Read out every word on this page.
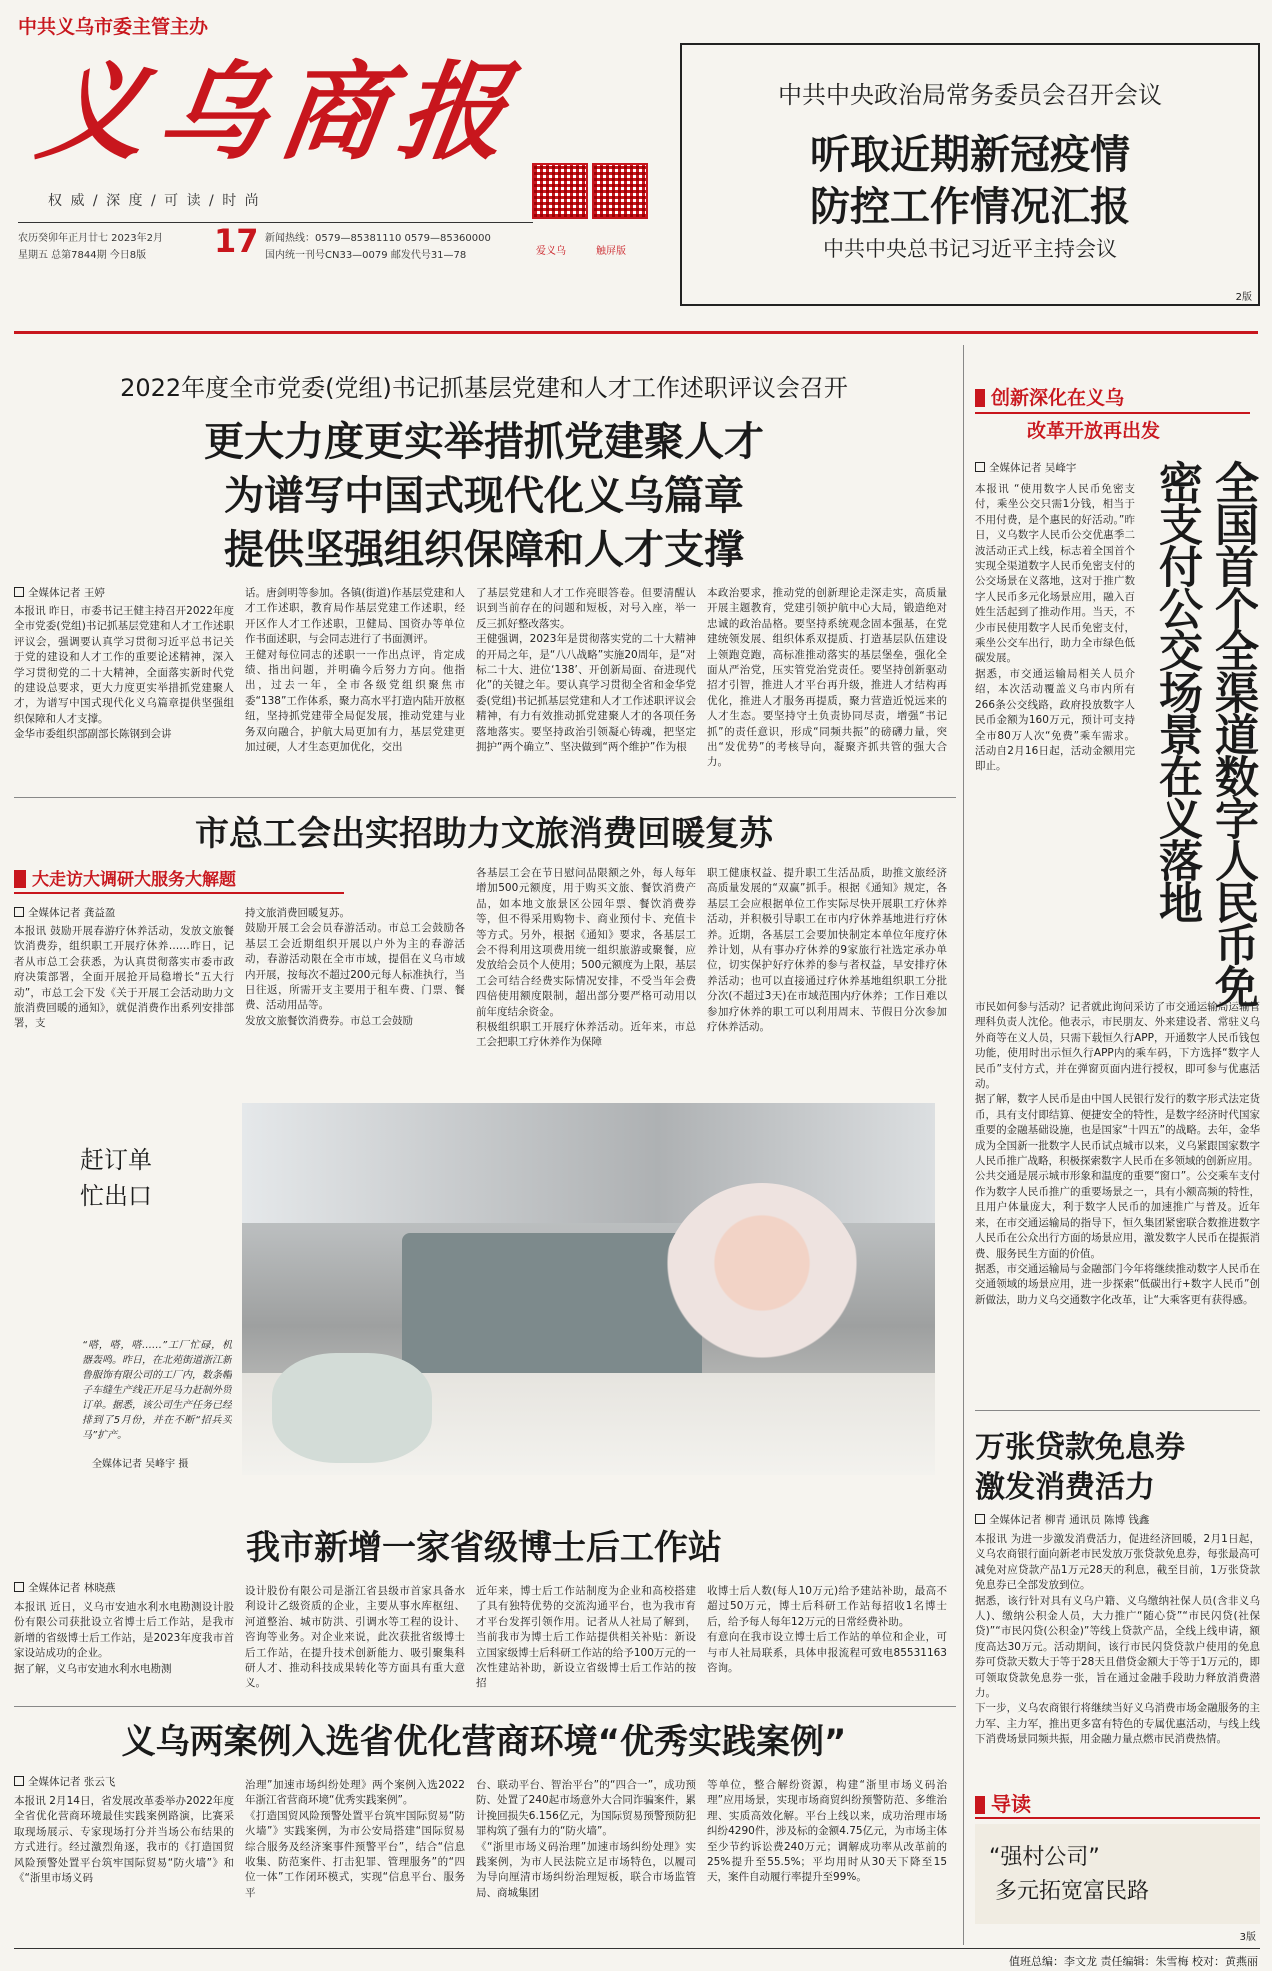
中共义乌市委主管主办
义乌商报
权 威 / 深 度 / 可 读 / 时 尚
农历癸卯年正月廿七 2023年2月
星期五 总第7844期 今日8版 17 新闻热线：0579—85381110 0579—85360000
国内统一刊号CN33—0079 邮发代号31—78	爱义乌	触屏版
中共中央政治局常务委员会召开会议
听取近期新冠疫情
防控工作情况汇报
中共中央总书记习近平主持会议
2版
2022年度全市党委(党组)书记抓基层党建和人才工作述职评议会召开
更大力度更实举措抓党建聚人才
为谱写中国式现代化义乌篇章
提供坚强组织保障和人才支撑
全媒体记者 王婷
本报讯 昨日，市委书记王健主持召开2022年度全市党委(党组)书记抓基层党建和人才工作述职评议会，强调要认真学习贯彻习近平总书记关于党的建设和人才工作的重要论述精神，深入学习贯彻党的二十大精神，全面落实新时代党的建设总要求，更大力度更实举措抓党建聚人才，为谱写中国式现代化义乌篇章提供坚强组织保障和人才支撑。
金华市委组织部副部长陈钢到会讲
话。唐剑明等参加。各镇(街道)作基层党建和人才工作述职，教育局作基层党建工作述职，经开区作人才工作述职，卫健局、国资办等单位作书面述职，与会同志进行了书面测评。
王健对每位同志的述职一一作出点评，肯定成绩、指出问题，并明确今后努力方向。他指出，过去一年，全市各级党组织聚焦市委“138”工作体系，聚力高水平打造内陆开放枢纽，坚持抓党建带全局促发展，推动党建与业务双向融合，护航大局更加有力，基层党建更加过硬，人才生态更加优化，交出
了基层党建和人才工作亮眼答卷。但要清醒认识到当前存在的问题和短板，对号入座，举一反三抓好整改落实。
王健强调，2023年是贯彻落实党的二十大精神的开局之年，是“八八战略”实施20周年，是“对标二十大、进位‘138’、开创新局面、奋进现代化”的关键之年。要认真学习贯彻全省和金华党委(党组)书记抓基层党建和人才工作述职评议会精神，有力有效推动抓党建聚人才的各项任务落地落实。要坚持政治引领凝心铸魂，把坚定拥护“两个确立”、坚决做到“两个维护”作为根
本政治要求，推动党的创新理论走深走实，高质量开展主题教育，党建引领护航中心大局，锻造绝对忠诚的政治品格。要坚持系统观念固本强基，在党建统领发展、组织体系双提质、打造基层队伍建设上领跑竞跑，高标准推动落实的基层堡垒，强化全面从严治党，压实管党治党责任。要坚持创新驱动招才引智，推进人才平台再升级，推进人才结构再优化，推进人才服务再提质，聚力营造近悦远来的人才生态。要坚持守土负责协同尽责，增强“书记抓”的责任意识，形成“同频共振”的磅礴力量，突出“发优势”的考核导向，凝聚齐抓共管的强大合力。
市总工会出实招助力文旅消费回暖复苏
大走访大调研大服务大解题
全媒体记者 龚益盈
本报讯 鼓励开展春游疗休养活动，发放文旅餐饮消费券，组织职工开展疗休养……昨日，记者从市总工会获悉，为认真贯彻落实市委市政府决策部署，全面开展抢开局稳增长“五大行动”，市总工会下发《关于开展工会活动助力文旅消费回暖的通知》，就促消费作出系列安排部署，支
持文旅消费回暖复苏。
鼓励开展工会会员春游活动。市总工会鼓励各基层工会近期组织开展以户外为主的春游活动，春游活动限在全市市域，提倡在义乌市域内开展，按每次不超过200元每人标准执行，当日往返，所需开支主要用于租车费、门票、餐费、活动用品等。
发放文旅餐饮消费券。市总工会鼓励
各基层工会在节日慰问品限额之外，每人每年增加500元额度，用于购买文旅、餐饮消费产品，如本地文旅景区公园年票、餐饮消费券等，但不得采用购物卡、商业预付卡、充值卡等方式。另外，根据《通知》要求，各基层工会不得利用这项费用统一组织旅游或聚餐，应发放给会员个人使用；500元额度为上限，基层工会可结合经费实际情况安排，不受当年会费四倍使用额度限制，超出部分要严格可动用以前年度结余资金。
积极组织职工开展疗休养活动。近年来，市总工会把职工疗休养作为保障
职工健康权益、提升职工生活品质，助推文旅经济高质量发展的“双赢”抓手。根据《通知》规定，各基层工会应根据单位工作实际尽快开展职工疗休养活动，并积极引导职工在市内疗休养基地进行疗休养。近期，各基层工会要加快制定本单位年度疗休养计划，从有事办疗休养的9家旅行社选定承办单位，切实保护好疗休养的参与者权益，早安排疗休养活动；也可以直接通过疗休养基地组织职工分批分次(不超过3天)在市域范围内疗休养；工作日难以参加疗休养的职工可以利用周末、节假日分次参加疗休养活动。
赶订单
忙出口
“嗒，嗒，嗒……”工厂忙碌，机器轰鸣。昨日，在北苑街道浙江新鲁服饰有限公司的工厂内，数条帽子车缝生产线正开足马力赶制外贸订单。据悉，该公司生产任务已经排到了5月份，并在不断“招兵买马”扩产。
全媒体记者 吴峰宇 摄
我市新增一家省级博士后工作站
全媒体记者 林晓燕
本报讯 近日，义乌市安迪水利水电勘测设计股份有限公司获批设立省博士后工作站，是我市新增的省级博士后工作站，是2023年度我市首家设站成功的企业。
据了解，义乌市安迪水利水电勘测
设计股份有限公司是浙江省县级市首家具备水利设计乙级资质的企业，主要从事水库枢纽、河道整治、城市防洪、引调水等工程的设计、咨询等业务。对企业来说，此次获批省级博士后工作站，在提升技术创新能力、吸引聚集科研人才、推动科技成果转化等方面具有重大意义。
近年来，博士后工作站制度为企业和高校搭建了具有独特优势的交流沟通平台，也为我市育才平台发挥引领作用。记者从人社局了解到，当前我市为博士后工作站提供相关补贴：新设立国家级博士后科研工作站的给予100万元的一次性建站补助，新设立省级博士后工作站的按招
收博士后人数(每人10万元)给予建站补助，最高不超过50万元，博士后科研工作站每招收1名博士后，给予每人每年12万元的日常经费补助。
有意向在我市设立博士后工作站的单位和企业，可与市人社局联系，具体申报流程可致电85531163咨询。
义乌两案例入选省优化营商环境“优秀实践案例”
全媒体记者 张云飞
本报讯 2月14日，省发展改革委举办2022年度全省优化营商环境最佳实践案例路演，比赛采取现场展示、专家现场打分并当场公布结果的方式进行。经过激烈角逐，我市的《打造国贸风险预警处置平台筑牢国际贸易“防火墙”》和《“浙里市场义码
治理”加速市场纠纷处理》两个案例入选2022年浙江省营商环境“优秀实践案例”。
《打造国贸风险预警处置平台筑牢国际贸易“防火墙”》实践案例，为市公安局搭建“国际贸易综合服务及经济案事件预警平台”，结合“信息收集、防范案件、打击犯罪、管理服务”的“四位一体”工作闭环模式，实现“信息平台、服务平
台、联动平台、智治平台”的“四合一”，成功预防、处置了240起市场意外大合同诈骗案件，累计挽回损失6.156亿元，为国际贸易预警预防犯罪构筑了强有力的“防火墙”。
《“浙里市场义码治理”加速市场纠纷处理》实践案例，为市人民法院立足市场特色，以履司为导向厘清市场纠纷治理短板，联合市场监管局、商城集团
等单位，整合解纷资源，构建“浙里市场义码治理”应用场景，实现市场商贸纠纷预警防范、多维治理、实质高效化解。平台上线以来，成功治理市场纠纷4290件，涉及标的金额4.75亿元，为市场主体至少节约诉讼费240万元；调解成功率从改革前的25%提升至55.5%；平均用时从30天下降至15天，案件自动履行率提升至99%。
创新深化在义乌
改革开放再出发
全媒体记者 吴峰宇	全国首个全渠道数字人民币免密支付公交场景在义落地
本报讯 “使用数字人民币免密支付，乘坐公交只需1分钱，相当于不用付费，是个惠民的好活动。”昨日，义乌数字人民币公交优惠季二波活动正式上线，标志着全国首个实现全渠道数字人民币免密支付的公交场景在义落地，这对于推广数字人民币多元化场景应用，融入百姓生活起到了推动作用。当天，不少市民使用数字人民币免密支付，乘坐公交车出行，助力全市绿色低碳发展。
据悉，市交通运输局相关人员介绍，本次活动覆盖义乌市内所有266条公交线路，政府投放数字人民币金额为160万元，预计可支持全市80万人次“免费”乘车需求。活动自2月16日起，活动金额用完即止。
市民如何参与活动？记者就此询问采访了市交通运输局运输管理科负责人沈伦。他表示，市民朋友、外来建设者、常驻义乌外商等在义人员，只需下载恒久行APP，开通数字人民币钱包功能，使用时出示恒久行APP内的乘车码，下方选择“数字人民币”支付方式，并在弹窗页面内进行授权，即可参与优惠活动。
据了解，数字人民币是由中国人民银行发行的数字形式法定货币，具有支付即结算、便捷安全的特性，是数字经济时代国家重要的金融基础设施，也是国家“十四五”的战略。去年，金华成为全国新一批数字人民币试点城市以来，义乌紧跟国家数字人民币推广战略，积极探索数字人民币在多领域的创新应用。
公共交通是展示城市形象和温度的重要“窗口”。公交乘车支付作为数字人民币推广的重要场景之一，具有小额高频的特性，且用户体量庞大，利于数字人民币的加速推广与普及。近年来，在市交通运输局的指导下，恒久集团紧密联合数推进数字人民币在公众出行方面的场景应用，激发数字人民币在提振消费、服务民生方面的价值。
据悉，市交通运输局与金融部门今年将继续推动数字人民币在交通领域的场景应用，进一步探索“低碳出行+数字人民币”创新做法，助力义乌交通数字化改革，让“大乘客更有获得感。
万张贷款免息券
激发消费活力
全媒体记者 柳青 通讯员 陈博 钱鑫
本报讯 为进一步激发消费活力，促进经济回暖，2月1日起，义乌农商银行面向新老市民发放万张贷款免息券，每张最高可减免对应贷款产品1万元28天的利息，截至目前，1万张贷款免息券已全部发放到位。
据悉，该行针对具有义乌户籍、义乌缴纳社保人员(含非义乌人)、缴纳公积金人员，大力推广“随心贷”“市民闪贷(社保贷)”“市民闪贷(公积金)”等线上贷款产品，全线上线申请，额度高达30万元。活动期间，该行市民闪贷贷款户使用的免息券可贷款天数大于等于28天且借贷金额大于等于1万元的，即可领取贷款免息券一张，旨在通过金融手段助力释放消费潜力。
下一步，义乌农商银行将继续当好义乌消费市场金融服务的主力军、主力军，推出更多富有特色的专属优惠活动，与线上线下消费场景同频共振，用金融力量点燃市民消费热情。
导读
“强村公司”
多元拓宽富民路
3版
值班总编：李文龙 责任编辑：朱雪梅 校对：黄燕丽
